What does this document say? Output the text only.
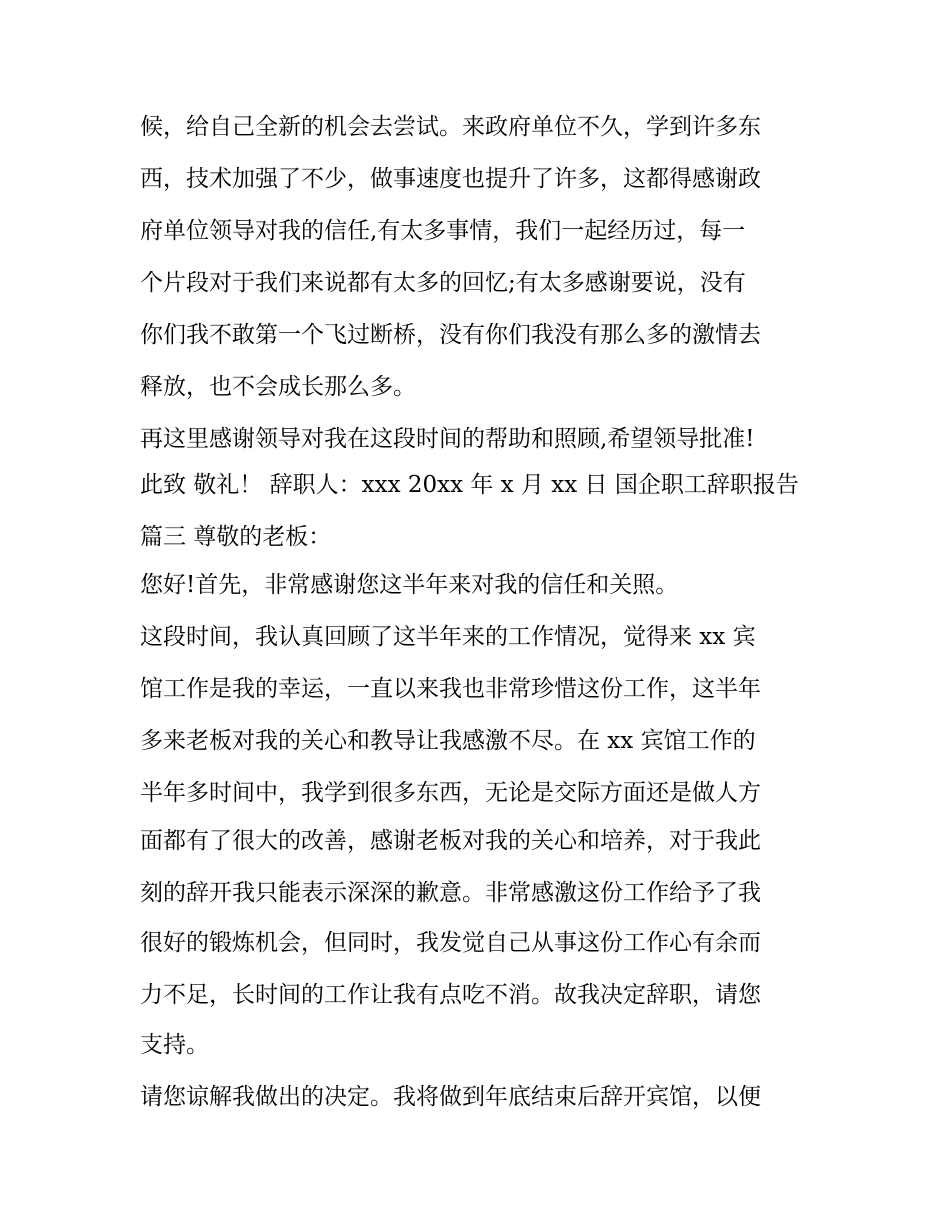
候，给自己全新的机会去尝试。来政府单位不久，学到许多东
西，技术加强了不少，做事速度也提升了许多，这都得感谢政
府单位领导对我的信任,有太多事情，我们一起经历过，每一
个片段对于我们来说都有太多的回忆;有太多感谢要说，没有
你们我不敢第一个飞过断桥，没有你们我没有那么多的激情去
释放，也不会成长那么多。
再这里感谢领导对我在这段时间的帮助和照顾,希望领导批准!
此致 敬礼！ 辞职人：xxx 20xx 年 x 月 xx 日 国企职工辞职报告
篇三 尊敬的老板：
您好!首先，非常感谢您这半年来对我的信任和关照。
这段时间，我认真回顾了这半年来的工作情况，觉得来 xx 宾
馆工作是我的幸运，一直以来我也非常珍惜这份工作，这半年
多来老板对我的关心和教导让我感激不尽。在 xx 宾馆工作的
半年多时间中，我学到很多东西，无论是交际方面还是做人方
面都有了很大的改善，感谢老板对我的关心和培养，对于我此
刻的辞开我只能表示深深的歉意。非常感激这份工作给予了我
很好的锻炼机会，但同时，我发觉自己从事这份工作心有余而
力不足，长时间的工作让我有点吃不消。故我决定辞职，请您
支持。
请您谅解我做出的决定。我将做到年底结束后辞开宾馆，以便
